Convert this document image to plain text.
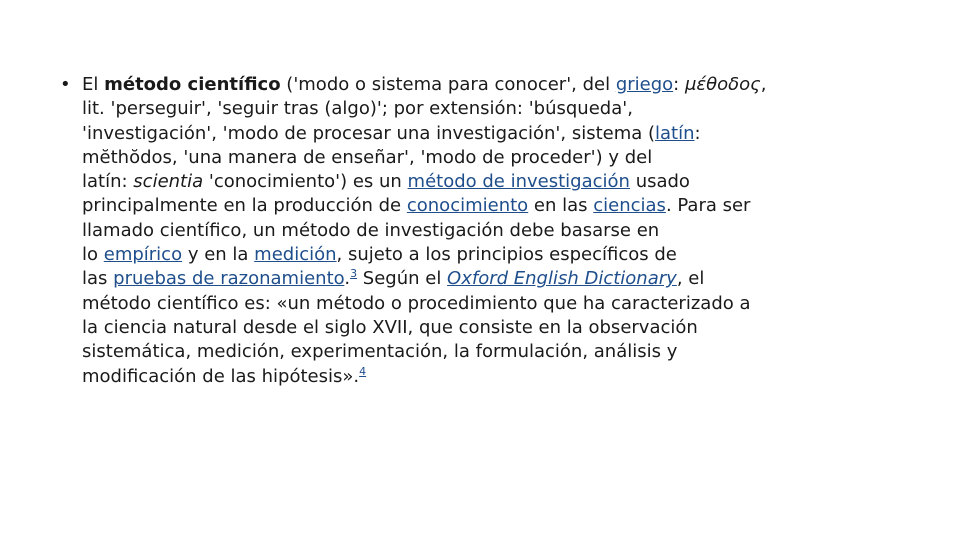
• El método científico ('modo o sistema para conocer', del griego: μέθοδος,
lit. 'perseguir', 'seguir tras (algo)'; por extensión: 'búsqueda',
'investigación', 'modo de procesar una investigación', sistema (latín:
mĕthŏdos, 'una manera de enseñar', 'modo de proceder') y del
latín: scientia 'conocimiento') es un método de investigación usado
principalmente en la producción de conocimiento en las ciencias. Para ser
llamado científico, un método de investigación debe basarse en
lo empírico y en la medición, sujeto a los principios específicos de
las pruebas de razonamiento.$^3$ Según el Oxford English Dictionary, el
método científico es: «un método o procedimiento que ha caracterizado a
la ciencia natural desde el siglo XVII, que consiste en la observación
sistemática, medición, experimentación, la formulación, análisis y
modificación de las hipótesis».$^4$
